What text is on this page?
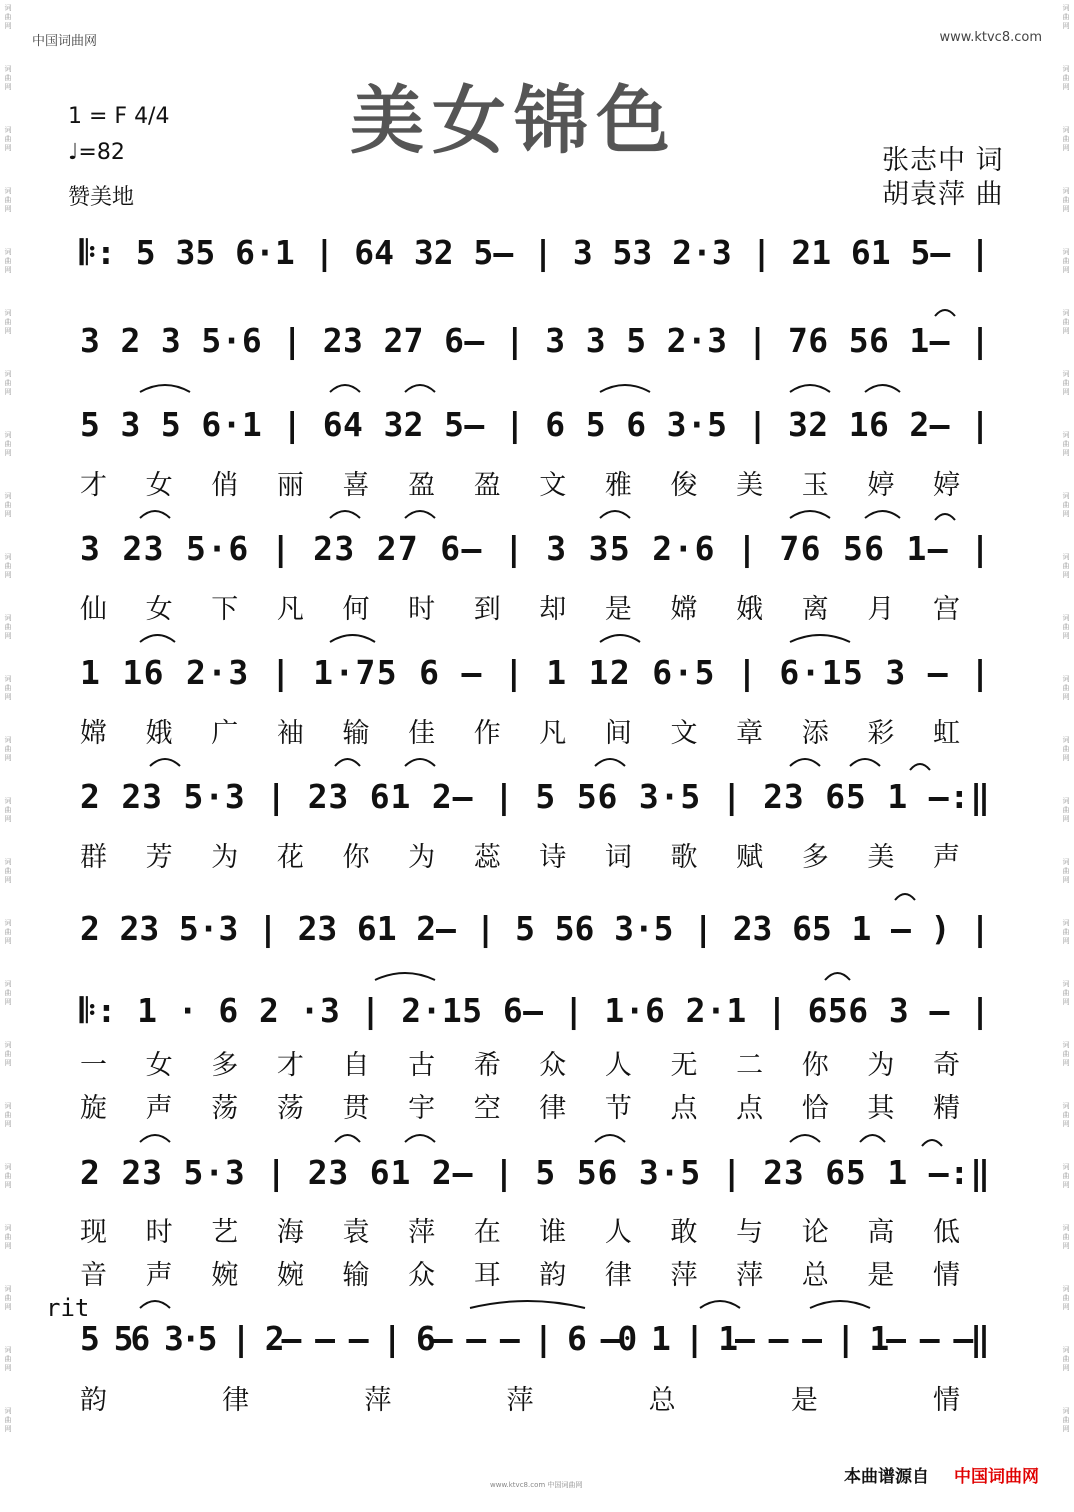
词
曲
网
词
曲
网
词
曲
网
词
曲
网
词
曲
网
词
曲
网
词
曲
网
词
曲
网
词
曲
网
词
曲
网
词
曲
网
词
曲
网
词
曲
网
词
曲
网
词
曲
网
词
曲
网
词
曲
网
词
曲
网
词
曲
网
词
曲
网
词
曲
网
词
曲
网
词
曲
网
词
曲
网
词
曲
网
词
曲
网
词
曲
网
词
曲
网
词
曲
网
词
曲
网
词
曲
网
词
曲
网
词
曲
网
词
曲
网
词
曲
网
词
曲
网
词
曲
网
词
曲
网
词
曲
网
词
曲
网
词
曲
网
词
曲
网
词
曲
网
词
曲
网
词
曲
网
词
曲
网
词
曲
网
词
曲
网
中国词曲网	www.ktvc8.com
美女锦色
1 = F 4/4
♩=82
赞美地
张志中 词
胡袁萍 曲
𝄆: 5 35 6·1 | 64 32 5– | 3 53 2·3 | 21 61 5– |
3 2 3 5·6 | 23 27 6– | 3 3 5 2·3 | 76 56 1– |
5 3 5 6·1 | 64 32 5– | 6 5 6 3·5 | 32 16 2– |
才 女 俏 丽 喜 盈 盈 文 雅 俊 美 玉 婷 婷
3 23 5·6 | 23 27 6– | 3 35 2·6 | 76 56 1– |
仙 女 下 凡 何 时 到 却 是 嫦 娥 离 月 宫
1 16 2·3 | 1·75 6 – | 1 12 6·5 | 6·15 3 – |
嫦 娥 广 袖 输 佳 作 凡 间 文 章 添 彩 虹
2 23 5·3 | 23 61 2– | 5 56 3·5 | 23 65 1 –:‖
群 芳 为 花 你 为 蕊 诗 词 歌 赋 多 美 声
2 23 5·3 | 23 61 2– | 5 56 3·5 | 23 65 1 – ) |
𝄆: 1 · 6 2 ·3 | 2·15 6– | 1·6 2·1 | 656 3 – |
一 女 多 才 自 古 希 众 人 无 二 你 为 奇
旋 声 荡 荡 贯 宇 空 律 节 点 点 恰 其 精
2 23 5·3 | 23 61 2– | 5 56 3·5 | 23 65 1 –:‖
现 时 艺 海 袁 萍 在 谁 人 敢 与 论 高 低
音 声 婉 婉 输 众 耳 韵 律 萍 萍 总 是 情
5 56 3·5 | 2– – – | 6– – – | 6 –0 1 | 1– – – | 1– – –‖
韵 律 萍 萍 总 是 情
rit
本曲谱源自 中国词曲网
www.ktvc8.com 中国词曲网
